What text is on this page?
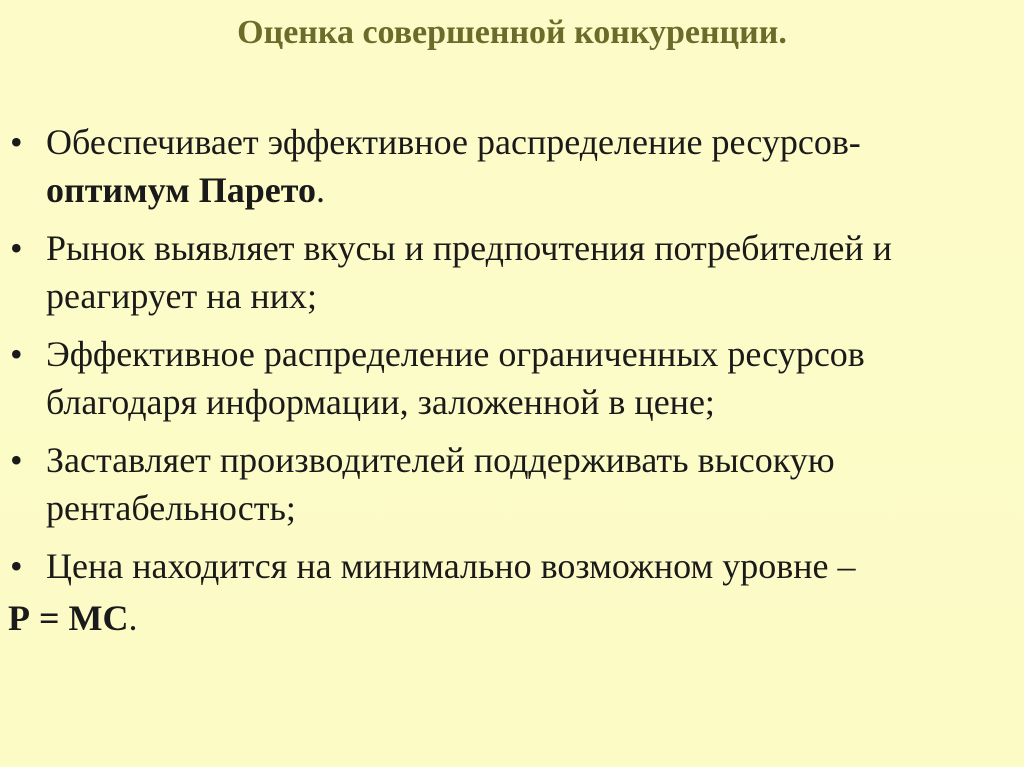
Оценка совершенной конкуренции.
• Обеспечивает эффективное распределение ресурсов-
оптимум Парето.
• Рынок выявляет вкусы и предпочтения потребителей и реагирует на них;
• Эффективное распределение ограниченных ресурсов благодаря информации, заложенной в цене;
• Заставляет производителей поддерживать высокую рентабельность;
• Цена находится на минимально возможном уровне –
Р = МС.
